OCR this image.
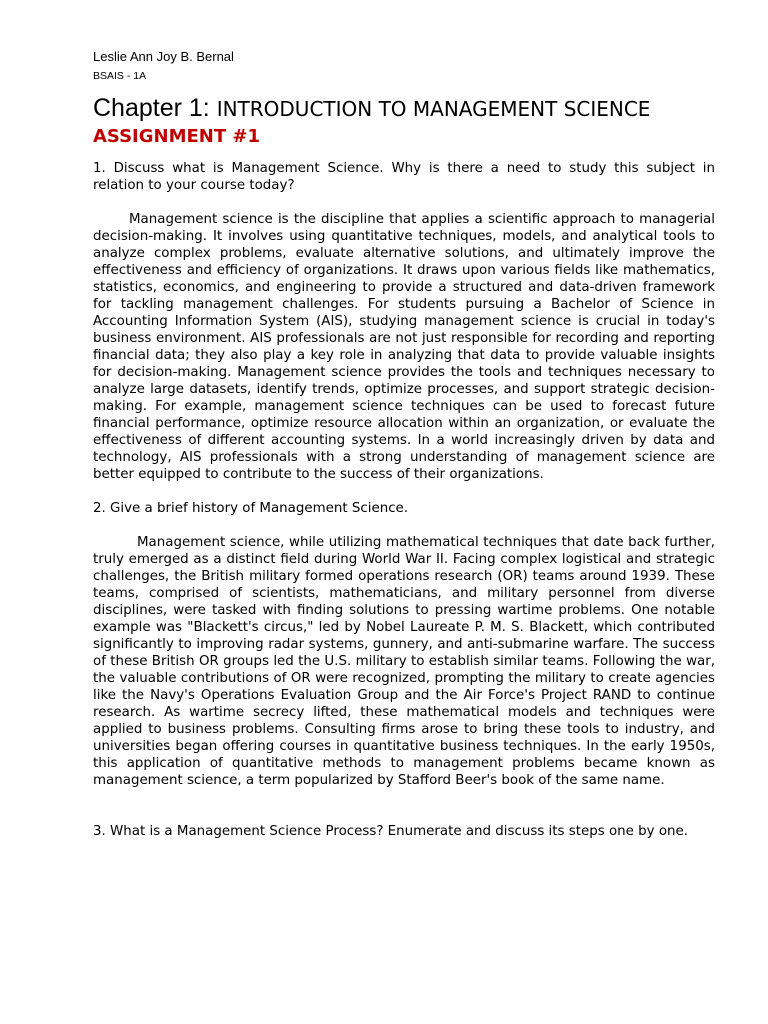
Leslie Ann Joy B. Bernal

BSAIS - 1A

Chapter 1: INTRODUCTION TO MANAGEMENT SCIENCE

ASSIGNMENT #1

1. Discuss what is Management Science. Why is there a need to study this subject in relation to your course today?

Management science is the discipline that applies a scientific approach to managerial decision-making. It involves using quantitative techniques, models, and analytical tools to analyze complex problems, evaluate alternative solutions, and ultimately improve the effectiveness and efficiency of organizations. It draws upon various fields like mathematics, statistics, economics, and engineering to provide a structured and data-driven framework for tackling management challenges. For students pursuing a Bachelor of Science in Accounting Information System (AIS), studying management science is crucial in today's business environment. AIS professionals are not just responsible for recording and reporting financial data; they also play a key role in analyzing that data to provide valuable insights for decision-making. Management science provides the tools and techniques necessary to analyze large datasets, identify trends, optimize processes, and support strategic decision-making. For example, management science techniques can be used to forecast future financial performance, optimize resource allocation within an organization, or evaluate the effectiveness of different accounting systems. In a world increasingly driven by data and technology, AIS professionals with a strong understanding of management science are better equipped to contribute to the success of their organizations.

2. Give a brief history of Management Science.

Management science, while utilizing mathematical techniques that date back further, truly emerged as a distinct field during World War II. Facing complex logistical and strategic challenges, the British military formed operations research (OR) teams around 1939. These teams, comprised of scientists, mathematicians, and military personnel from diverse disciplines, were tasked with finding solutions to pressing wartime problems. One notable example was "Blackett's circus," led by Nobel Laureate P. M. S. Blackett, which contributed significantly to improving radar systems, gunnery, and anti-submarine warfare. The success of these British OR groups led the U.S. military to establish similar teams. Following the war, the valuable contributions of OR were recognized, prompting the military to create agencies like the Navy's Operations Evaluation Group and the Air Force's Project RAND to continue research. As wartime secrecy lifted, these mathematical models and techniques were applied to business problems. Consulting firms arose to bring these tools to industry, and universities began offering courses in quantitative business techniques. In the early 1950s, this application of quantitative methods to management problems became known as management science, a term popularized by Stafford Beer's book of the same name.

3. What is a Management Science Process? Enumerate and discuss its steps one by one.
